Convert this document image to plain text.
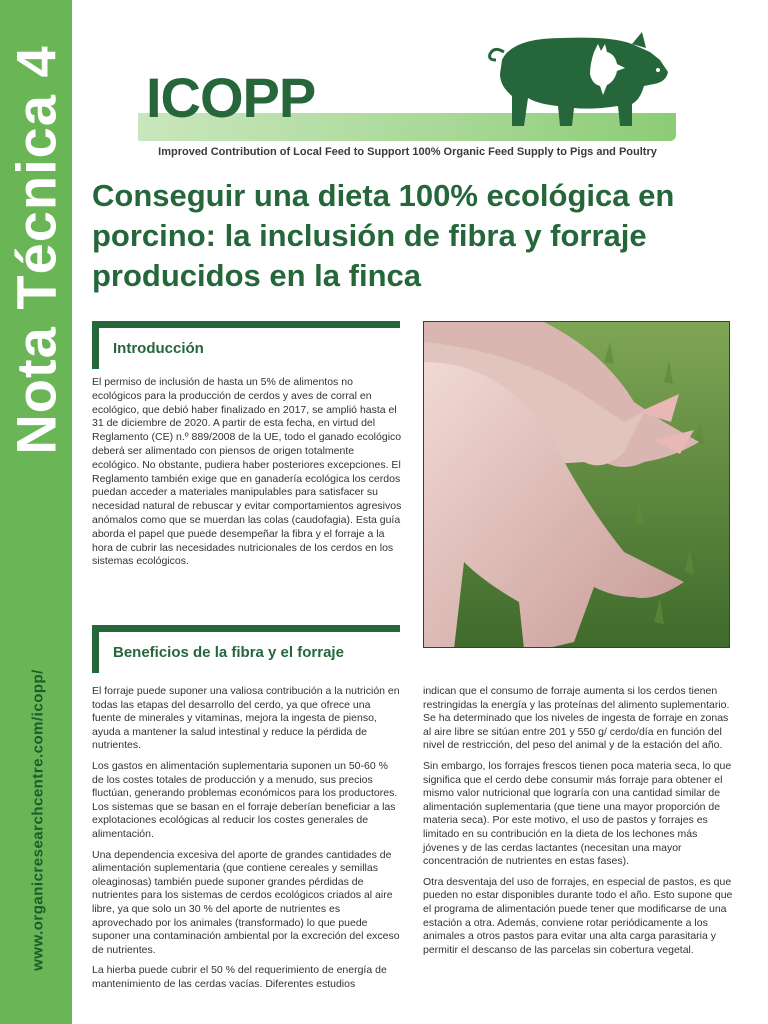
Nota Técnica 4
www.organicresearchcentre.com/icopp/
ICOPP
Improved Contribution of Local Feed to Support 100% Organic Feed Supply to Pigs and Poultry
Conseguir una dieta 100% ecológica en porcino: la inclusión de fibra y forraje producidos en la finca
Introducción

El permiso de inclusión de hasta un 5% de alimentos no ecológicos para la producción de cerdos y aves de corral en ecológico, que debió haber finalizado en 2017, se amplió hasta el 31 de diciembre de 2020. A partir de esta fecha, en virtud del Reglamento (CE) n.º 889/2008 de la UE, todo el ganado ecológico deberá ser alimentado con piensos de origen totalmente ecológico. No obstante, pudiera haber posteriores excepciones. El Reglamento también exige que en ganadería ecológica los cerdos puedan acceder a materiales manipulables para satisfacer su necesidad natural de rebuscar y evitar comportamientos agresivos anómalos como que se muerdan las colas (caudofagia). Esta guía aborda el papel que puede desempeñar la fibra y el forraje a la hora de cubrir las necesidades nutricionales de los cerdos en los sistemas ecológicos.

Beneficios de la fibra y el forraje

El forraje puede suponer una valiosa contribución a la nutrición en todas las etapas del desarrollo del cerdo, ya que ofrece una fuente de minerales y vitaminas, mejora la ingesta de pienso, ayuda a mantener la salud intestinal y reduce la pérdida de nutrientes.

Los gastos en alimentación suplementaria suponen un 50-60 % de los costes totales de producción y a menudo, sus precios fluctúan, generando problemas económicos para los productores. Los sistemas que se basan en el forraje deberían beneficiar a las explotaciones ecológicas al reducir los costes generales de alimentación.

Una dependencia excesiva del aporte de grandes cantidades de alimentación suplementaria (que contiene cereales y semillas oleaginosas) también puede suponer grandes pérdidas de nutrientes para los sistemas de cerdos ecológicos criados al aire libre, ya que solo un 30 % del aporte de nutrientes es aprovechado por los animales (transformado) lo que puede suponer una contaminación ambiental por la excreción del exceso de nutrientes.

La hierba puede cubrir el 50 % del requerimiento de energía de mantenimiento de las cerdas vacías. Diferentes estudios

indican que el consumo de forraje aumenta si los cerdos tienen restringidas la energía y las proteínas del alimento suplementario. Se ha determinado que los niveles de ingesta de forraje en zonas al aire libre se sitúan entre 201 y 550 g/ cerdo/día en función del nivel de restricción, del peso del animal y de la estación del año.

Sin embargo, los forrajes frescos tienen poca materia seca, lo que significa que el cerdo debe consumir más forraje para obtener el mismo valor nutricional que lograría con una cantidad similar de alimentación suplementaria (que tiene una mayor proporción de materia seca). Por este motivo, el uso de pastos y forrajes es limitado en su contribución en la dieta de los lechones más jóvenes y de las cerdas lactantes (necesitan una mayor concentración de nutrientes en estas fases).

Otra desventaja del uso de forrajes, en especial de pastos, es que pueden no estar disponibles durante todo el año. Esto supone que el programa de alimentación puede tener que modificarse de una estación a otra. Además, conviene rotar periódicamente a los animales a otros pastos para evitar una alta carga parasitaria y permitir el descanso de las parcelas sin cobertura vegetal.
